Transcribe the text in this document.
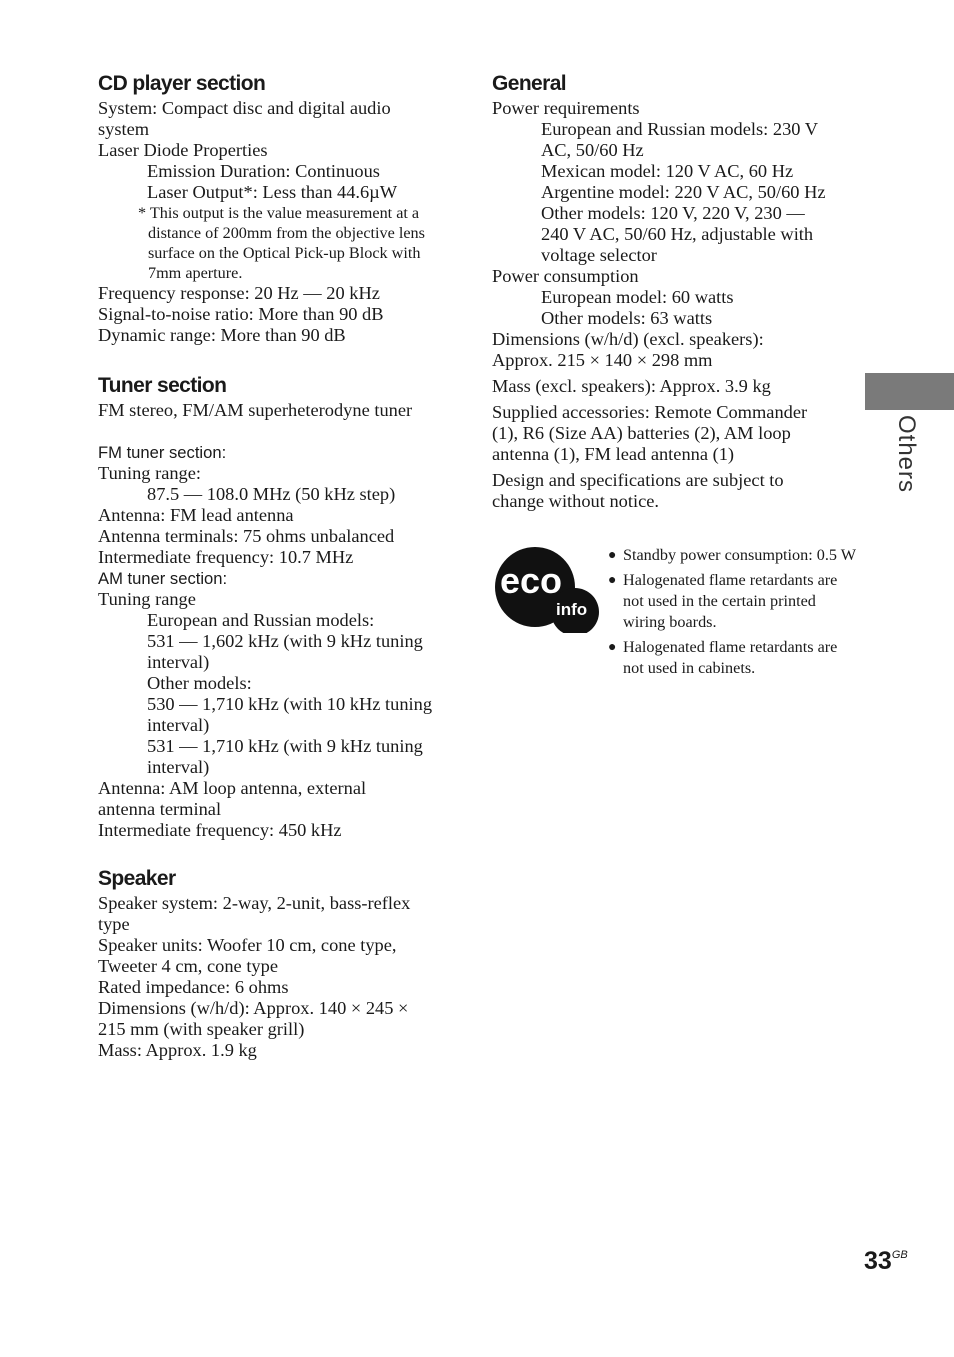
CD player section

System: Compact disc and digital audio

system

Laser Diode Properties

Emission Duration: Continuous

Laser Output*: Less than 44.6µW

* This output is the value measurement at a distance of 200mm from the objective lens surface on the Optical Pick-up Block with 7mm aperture.

Frequency response: 20 Hz — 20 kHz

Signal-to-noise ratio: More than 90 dB

Dynamic range: More than 90 dB

Tuner section

FM stereo, FM/AM superheterodyne tuner

FM tuner section:

Tuning range:

87.5 — 108.0 MHz (50 kHz step)

Antenna: FM lead antenna

Antenna terminals: 75 ohms unbalanced

Intermediate frequency: 10.7 MHz

AM tuner section:

Tuning range

European and Russian models:

531 — 1,602 kHz (with 9 kHz tuning

interval)

Other models:

530 — 1,710 kHz (with 10 kHz tuning

interval)

531 — 1,710 kHz (with 9 kHz tuning

interval)

Antenna: AM loop antenna, external

antenna terminal

Intermediate frequency: 450 kHz

Speaker

Speaker system: 2-way, 2-unit, bass-reflex

type

Speaker units: Woofer 10 cm, cone type,

Tweeter 4 cm, cone type

Rated impedance: 6 ohms

Dimensions (w/h/d): Approx. 140 × 245 ×

215 mm (with speaker grill)

Mass: Approx. 1.9 kg

General

Power requirements

European and Russian models: 230 V

AC, 50/60 Hz

Mexican model: 120 V AC, 60 Hz

Argentine model: 220 V AC, 50/60 Hz

Other models: 120 V, 220 V, 230 —

240 V AC, 50/60 Hz, adjustable with

voltage selector

Power consumption

European model: 60 watts

Other models: 63 watts

Dimensions (w/h/d) (excl. speakers):

Approx. 215 × 140 × 298 mm

Mass (excl. speakers): Approx. 3.9 kg

Supplied accessories: Remote Commander

(1), R6 (Size AA) batteries (2), AM loop

antenna (1), FM lead antenna (1)

Design and specifications are subject to

change without notice.

eco
info
● Standby power consumption: 0.5 W
● Halogenated flame retardants are not used in the certain printed wiring boards.
● Halogenated flame retardants are not used in cabinets.
Others
$33^{GB}$
